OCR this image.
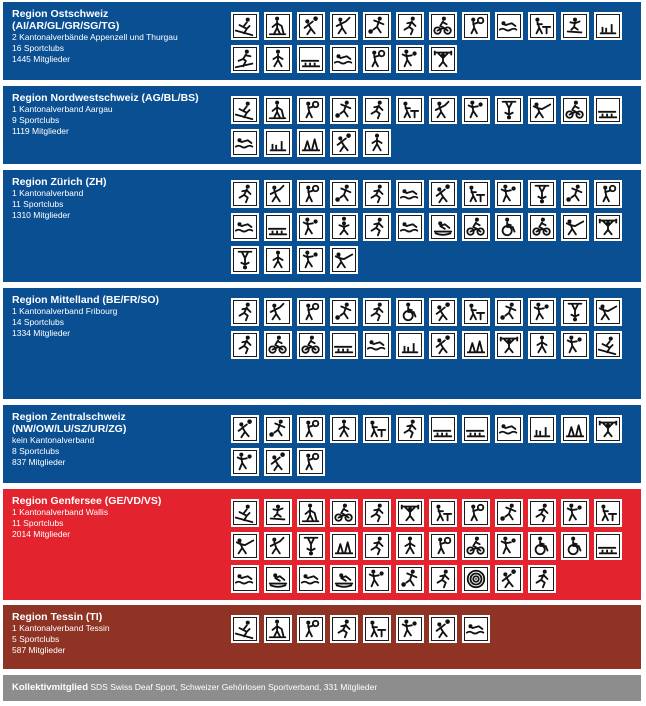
Region Ostschweiz
(AI/AR/GL/GR/SG/TG)
2 Kantonalverbände Appenzell und Thurgau
16 Sportclubs
1445 Mitglieder
Region Nordwestschweiz (AG/BL/BS)
1 Kantonalverband Aargau
9 Sportclubs
1119 Mitglieder
Region Zürich (ZH)
1 Kantonalverband
11 Sportclubs
1310 Mitglieder
Region Mittelland (BE/FR/SO)
1 Kantonalverband Fribourg
14 Sportclubs
1334 Mitglieder
Region Zentralschweiz
(NW/OW/LU/SZ/UR/ZG)
kein Kantonalverband
8 Sportclubs
837 Mitglieder
Region Genfersee (GE/VD/VS)
1 Kantonalverband Wallis
11 Sportclubs
2014 Mitglieder
Region Tessin (TI)
1 Kantonalverband Tessin
5 Sportclubs
587 Mitglieder
Kollektivmitglied SDS Swiss Deaf Sport, Schweizer Gehörlosen Sportverband, 331 Mitglieder
